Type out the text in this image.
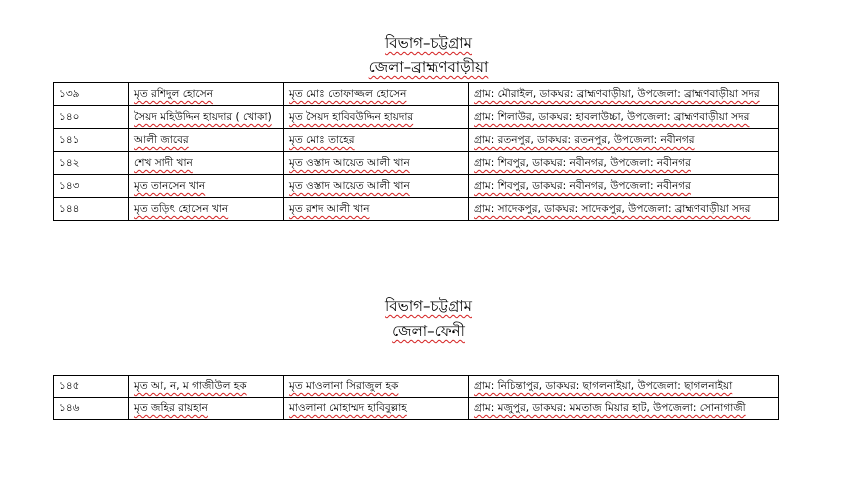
বিভাগ–চট্টগ্রাম
জেলা–ব্রাহ্মণবাড়ীয়া
১৩৯	মৃত রশিদুল হোসেন	মৃত মোঃ তোফাজ্জল হোসেন	গ্রাম: মৌরাইল, ডাকঘর: ব্রাহ্মণবাড়ীয়া, উপজেলা: ব্রাহ্মণবাড়ীয়া সদর
১৪০	সৈয়দ মহিউদ্দিন হায়দার ( খোকা)	মৃত সৈয়দ হাবিবউদ্দিন হায়দার	গ্রাম: শিলাউর, ডাকঘর: হাবলাউচ্চা, উপজেলা: ব্রাহ্মণবাড়ীয়া সদর
১৪১	আলী জাবের	মৃত মোঃ তাহের	গ্রাম: রতনপুর, ডাকঘর: রতনপুর, উপজেলা: নবীনগর
১৪২	শেখ সাদী খান	মৃত ওস্তাদ আয়েত আলী খান	গ্রাম: শিবপুর, ডাকঘর: নবীনগর, উপজেলা: নবীনগর
১৪৩	মৃত তানসেন খান	মৃত ওস্তাদ আয়েত আলী খান	গ্রাম: শিবপুর, ডাকঘর: নবীনগর, উপজেলা: নবীনগর
১৪৪	মৃত তড়িৎ হোসেন খান	মৃত রশদ আলী খান	গ্রাম: সাদেকপুর, ডাকঘর: সাদেকপুর, উপজেলা: ব্রাহ্মণবাড়ীয়া সদর
বিভাগ–চট্টগ্রাম
জেলা–ফেনী
১৪৫	মৃত আ, ন, ম গাজীউল হক	মৃত মাওলানা সিরাজুল হক	গ্রাম: নিচিন্তাপুর, ডাকঘর: ছাগলনাইয়া, উপজেলা: ছাগলনাইয়া
১৪৬	মৃত জহির রায়হান	মাওলানা মোহাম্মদ হাবিবুল্লাহ	গ্রাম: মজুপুর, ডাকঘর: মমতাজ মিয়ার হাট, উপজেলা: সোনাগাজী
